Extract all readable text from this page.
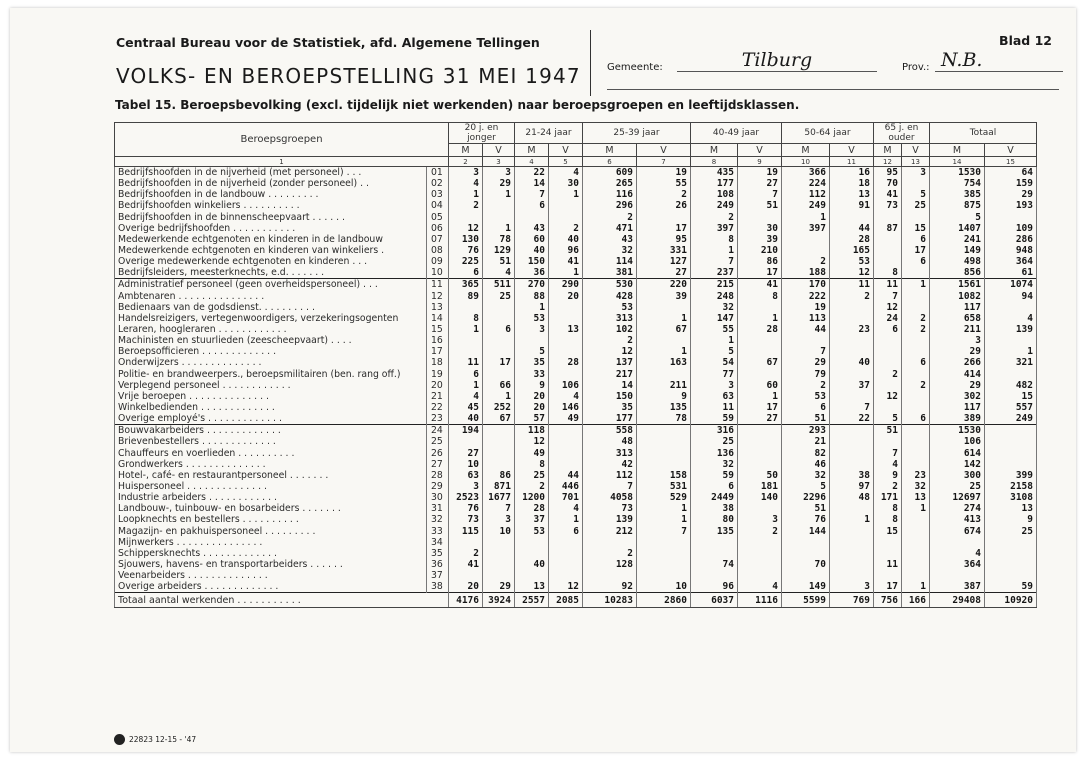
Centraal Bureau voor de Statistiek, afd. Algemene Tellingen
VOLKS- EN BEROEPSTELLING 31 MEI 1947
Blad 12
Gemeente:	Tilburg	Prov.: N.B.
Tabel 15. Beroepsbevolking (excl. tijdelijk niet werkenden) naar beroepsgroepen en leeftijdsklassen.
Beroepsgroepen		20 j. en jonger		21-24 jaar		25-39 jaar		40-49 jaar		50-64 jaar		65 j. en ouder		Totaal	
		M	V	M	V	M	V	M	V	M	V	M	V	M	V
1		2	3	4	5	6	7	8	9	10	11	12	13	14	15
Bedrijfshoofden in de nijverheid (met personeel) . . .	01	3	3	22	4	609	19	435	19	366	16	95	3	1530	64
Bedrijfshoofden in de nijverheid (zonder personeel) . .	02	4	29	14	30	265	55	177	27	224	18	70		754	159
Bedrijfshoofden in de landbouw . . . . . . . . .	03	1	1	7	1	116	2	108	7	112	13	41	5	385	29
Bedrijfshoofden winkeliers . . . . . . . . . .	04	2		6		296	26	249	51	249	91	73	25	875	193
Bedrijfshoofden in de binnenscheepvaart . . . . . .	05					2		2		1				5	
Overige bedrijfshoofden . . . . . . . . . . .	06	12	1	43	2	471	17	397	30	397	44	87	15	1407	109
Medewerkende echtgenoten en kinderen in de landbouw	07	130	78	60	40	43	95	8	39		28		6	241	286
Medewerkende echtgenoten en kinderen van winkeliers .	08	76	129	40	96	32	331	1	210		165		17	149	948
Overige medewerkende echtgenoten en kinderen . . .	09	225	51	150	41	114	127	7	86	2	53		6	498	364
Bedrijfsleiders, meesterknechts, e.d. . . . . . .	10	6	4	36	1	381	27	237	17	188	12	8		856	61
Administratief personeel (geen overheidspersoneel) . . .	11	365	511	270	290	530	220	215	41	170	11	11	1	1561	1074
Ambtenaren . . . . . . . . . . . . . . .	12	89	25	88	20	428	39	248	8	222	2	7		1082	94
Bedienaars van de godsdienst. . . . . . . . . .	13			1		53		32		19		12		117	
Handelsreizigers, vertegenwoordigers, verzekeringsogenten	14	8		53		313	1	147	1	113		24	2	658	4
Leraren, hoogleraren . . . . . . . . . . . .	15	1	6	3	13	102	67	55	28	44	23	6	2	211	139
Machinisten en stuurlieden (zeescheepvaart) . . . .	16					2		1						3	
Beroepsofficieren . . . . . . . . . . . . .	17			5		12	1	5		7				29	1
Onderwijzers . . . . . . . . . . . . . .	18	11	17	35	28	137	163	54	67	29	40		6	266	321
Politie- en brandweerpers., beroepsmilitairen (ben. rang off.)	19	6		33		217		77		79		2		414	
Verplegend personeel . . . . . . . . . . . .	20	1	66	9	106	14	211	3	60	2	37		2	29	482
Vrije beroepen . . . . . . . . . . . . . .	21	4	1	20	4	150	9	63	1	53		12		302	15
Winkelbedienden . . . . . . . . . . . . .	22	45	252	20	146	35	135	11	17	6	7			117	557
Overige employé's . . . . . . . . . . . . .	23	40	67	57	49	177	78	59	27	51	22	5	6	389	249
Bouwvakarbeiders . . . . . . . . . . . . .	24	194		118		558		316		293		51		1530	
Brievenbestellers . . . . . . . . . . . . .	25			12		48		25		21				106	
Chauffeurs en voerlieden . . . . . . . . . .	26	27		49		313		136		82		7		614	
Grondwerkers . . . . . . . . . . . . . .	27	10		8		42		32		46		4		142	
Hotel-, café- en restaurantpersoneel . . . . . . .	28	63	86	25	44	112	158	59	50	32	38	9	23	300	399
Huispersoneel . . . . . . . . . . . . . .	29	3	871	2	446	7	531	6	181	5	97	2	32	25	2158
Industrie arbeiders . . . . . . . . . . . .	30	2523	1677	1200	701	4058	529	2449	140	2296	48	171	13	12697	3108
Landbouw-, tuinbouw- en bosarbeiders . . . . . . .	31	76	7	28	4	73	1	38		51		8	1	274	13
Loopknechts en bestellers . . . . . . . . . .	32	73	3	37	1	139	1	80	3	76	1	8		413	9
Magazijn- en pakhuispersoneel . . . . . . . . .	33	115	10	53	6	212	7	135	2	144		15		674	25
Mijnwerkers . . . . . . . . . . . . . . .	34														
Schippersknechts . . . . . . . . . . . . .	35	2				2								4	
Sjouwers, havens- en transportarbeiders . . . . . .	36	41		40		128		74		70		11		364	
Veenarbeiders . . . . . . . . . . . . . .	37														
Overige arbeiders . . . . . . . . . . . . .	38	20	29	13	12	92	10	96	4	149	3	17	1	387	59
Totaal aantal werkenden . . . . . . . . . . .		4176	3924	2557	2085	10283	2860	6037	1116	5599	769	756	166	29408	10920
22823 12-15 - '47
